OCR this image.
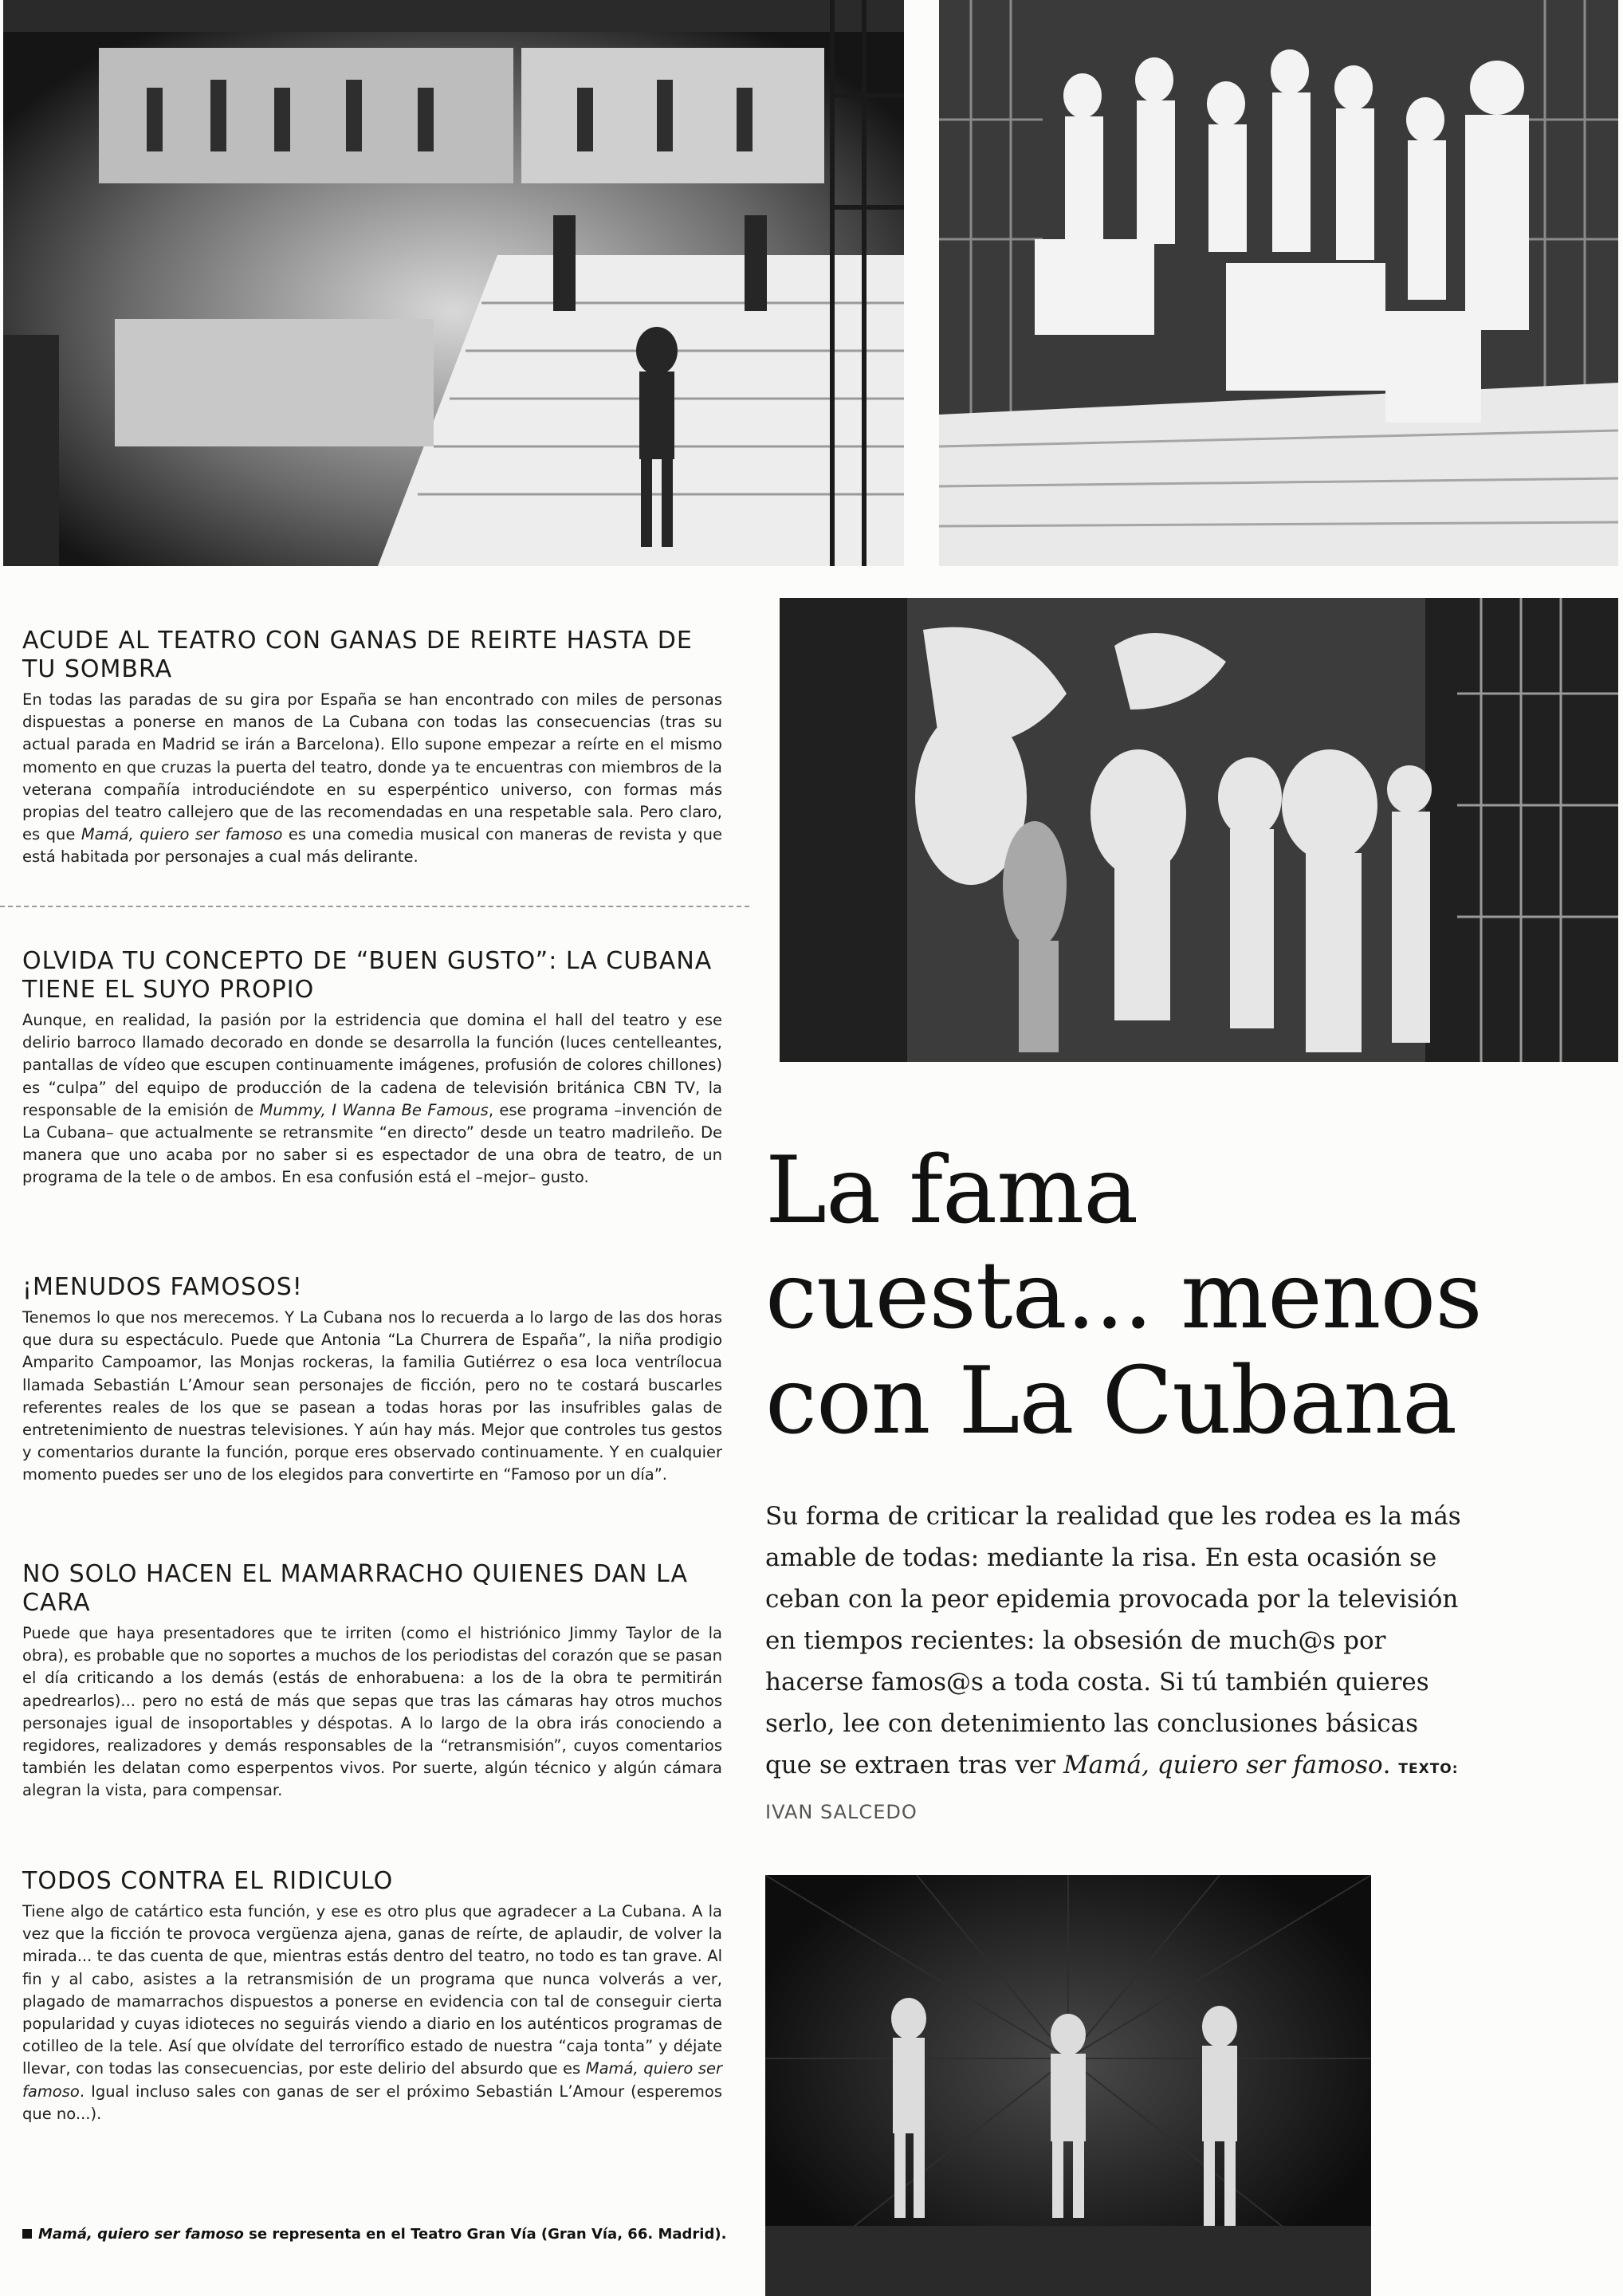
ACUDE AL TEATRO CON GANAS DE REIRTE HASTA DE TU SOMBRA

En todas las paradas de su gira por España se han encontrado con miles de personas dispuestas a ponerse en manos de La Cubana con todas las consecuencias (tras su actual parada en Madrid se irán a Barcelona). Ello supone empezar a reírte en el mismo momento en que cruzas la puerta del teatro, donde ya te encuentras con miembros de la veterana compañía introduciéndote en su esperpéntico universo, con formas más propias del teatro callejero que de las recomendadas en una respetable sala. Pero claro, es que Mamá, quiero ser famoso es una comedia musical con maneras de revista y que está habitada por personajes a cual más delirante.

OLVIDA TU CONCEPTO DE “BUEN GUSTO”: LA CUBANA TIENE EL SUYO PROPIO

Aunque, en realidad, la pasión por la estridencia que domina el hall del teatro y ese delirio barroco llamado decorado en donde se desarrolla la función (luces centelleantes, pantallas de vídeo que escupen continuamente imágenes, profusión de colores chillones) es “culpa” del equipo de producción de la cadena de televisión británica CBN TV, la responsable de la emisión de Mummy, I Wanna Be Famous, ese programa –invención de La Cubana– que actualmente se retransmite “en directo” desde un teatro madrileño. De manera que uno acaba por no saber si es espectador de una obra de teatro, de un programa de la tele o de ambos. En esa confusión está el –mejor– gusto.

¡MENUDOS FAMOSOS!

Tenemos lo que nos merecemos. Y La Cubana nos lo recuerda a lo largo de las dos horas que dura su espectáculo. Puede que Antonia “La Churrera de España”, la niña prodigio Amparito Campoamor, las Monjas rockeras, la familia Gutiérrez o esa loca ventrílocua llamada Sebastián L’Amour sean personajes de ficción, pero no te costará buscarles referentes reales de los que se pasean a todas horas por las insufribles galas de entretenimiento de nuestras televisiones. Y aún hay más. Mejor que controles tus gestos y comentarios durante la función, porque eres observado continuamente. Y en cualquier momento puedes ser uno de los elegidos para convertirte en “Famoso por un día”.

NO SOLO HACEN EL MAMARRACHO QUIENES DAN LA CARA

Puede que haya presentadores que te irriten (como el histriónico Jimmy Taylor de la obra), es probable que no soportes a muchos de los periodistas del corazón que se pasan el día criticando a los demás (estás de enhorabuena: a los de la obra te permitirán apedrearlos)... pero no está de más que sepas que tras las cámaras hay otros muchos personajes igual de insoportables y déspotas. A lo largo de la obra irás conociendo a regidores, realizadores y demás responsables de la “retransmisión”, cuyos comentarios también les delatan como esperpentos vivos. Por suerte, algún técnico y algún cámara alegran la vista, para compensar.

TODOS CONTRA EL RIDICULO

Tiene algo de catártico esta función, y ese es otro plus que agradecer a La Cubana. A la vez que la ficción te provoca vergüenza ajena, ganas de reírte, de aplaudir, de volver la mirada... te das cuenta de que, mientras estás dentro del teatro, no todo es tan grave. Al fin y al cabo, asistes a la retransmisión de un programa que nunca volverás a ver, plagado de mamarrachos dispuestos a ponerse en evidencia con tal de conseguir cierta popularidad y cuyas idioteces no seguirás viendo a diario en los auténticos programas de cotilleo de la tele. Así que olvídate del terrorífico estado de nuestra “caja tonta” y déjate llevar, con todas las consecuencias, por este delirio del absurdo que es Mamá, quiero ser famoso. Igual incluso sales con ganas de ser el próximo Sebastián L’Amour (esperemos que no...).

Mamá, quiero ser famoso se representa en el Teatro Gran Vía (Gran Vía, 66. Madrid).
La fama
cuesta... menos
con La Cubana

Su forma de criticar la realidad que les rodea es la más amable de todas: mediante la risa. En esta ocasión se ceban con la peor epidemia provocada por la televisión en tiempos recientes: la obsesión de much@s por hacerse famos@s a toda costa. Si tú también quieres serlo, lee con detenimiento las conclusiones básicas que se extraen tras ver Mamá, quiero ser famoso. TEXTO: IVAN SALCEDO
